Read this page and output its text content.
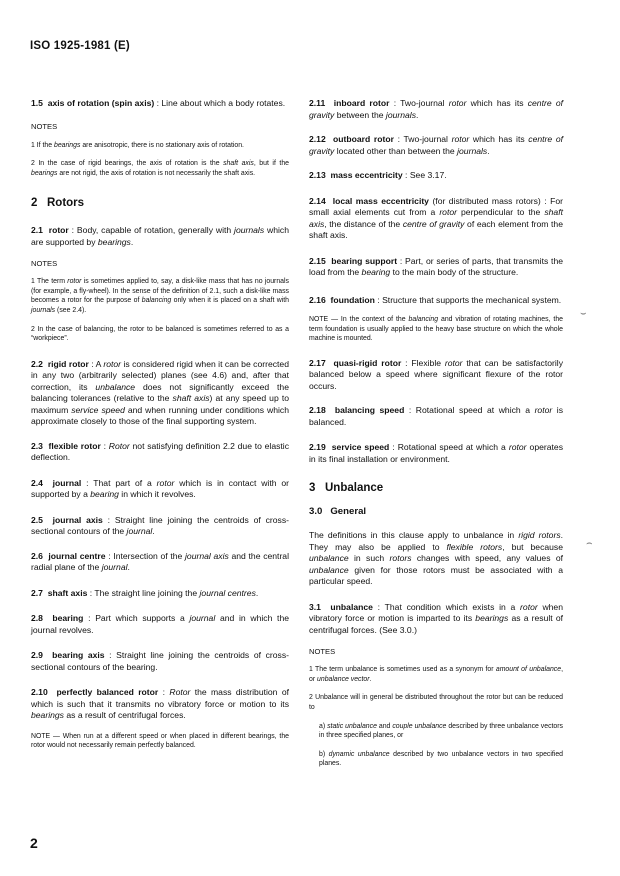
ISO 1925-1981 (E)

1.5 axis of rotation (spin axis) : Line about which a body rotates.

NOTES

1 If the bearings are anisotropic, there is no stationary axis of rotation.

2 In the case of rigid bearings, the axis of rotation is the shaft axis, but if the bearings are not rigid, the axis of rotation is not necessarily the shaft axis.

2 Rotors

2.1 rotor : Body, capable of rotation, generally with journals which are supported by bearings.

NOTES

1 The term rotor is sometimes applied to, say, a disk-like mass that has no journals (for example, a fly-wheel). In the sense of the definition of 2.1, such a disk-like mass becomes a rotor for the purpose of balancing only when it is placed on a shaft with journals (see 2.4).

2 In the case of balancing, the rotor to be balanced is sometimes referred to as a “workpiece”.

2.2 rigid rotor : A rotor is considered rigid when it can be corrected in any two (arbitrarily selected) planes (see 4.6) and, after that correction, its unbalance does not significantly exceed the balancing tolerances (relative to the shaft axis) at any speed up to maximum service speed and when running under conditions which approximate closely to those of the final supporting system.

2.3 flexible rotor : Rotor not satisfying definition 2.2 due to elastic deflection.

2.4 journal : That part of a rotor which is in contact with or supported by a bearing in which it revolves.

2.5 journal axis : Straight line joining the centroids of cross-sectional contours of the journal.

2.6 journal centre : Intersection of the journal axis and the central radial plane of the journal.

2.7 shaft axis : The straight line joining the journal centres.

2.8 bearing : Part which supports a journal and in which the journal revolves.

2.9 bearing axis : Straight line joining the centroids of cross-sectional contours of the bearing.

2.10 perfectly balanced rotor : Rotor the mass distribution of which is such that it transmits no vibratory force or motion to its bearings as a result of centrifugal forces.

NOTE — When run at a different speed or when placed in different bearings, the rotor would not necessarily remain perfectly balanced.

2.11 inboard rotor : Two-journal rotor which has its centre of gravity between the journals.

2.12 outboard rotor : Two-journal rotor which has its centre of gravity located other than between the journals.

2.13 mass eccentricity : See 3.17.

2.14 local mass eccentricity (for distributed mass rotors) : For small axial elements cut from a rotor perpendicular to the shaft axis, the distance of the centre of gravity of each element from the shaft axis.

2.15 bearing support : Part, or series of parts, that transmits the load from the bearing to the main body of the structure.

2.16 foundation : Structure that supports the mechanical system.

NOTE — In the context of the balancing and vibration of rotating machines, the term foundation is usually applied to the heavy base structure on which the whole machine is mounted.

2.17 quasi-rigid rotor : Flexible rotor that can be satisfactorily balanced below a speed where significant flexure of the rotor occurs.

2.18 balancing speed : Rotational speed at which a rotor is balanced.

2.19 service speed : Rotational speed at which a rotor operates in its final installation or environment.

3 Unbalance

3.0 General

The definitions in this clause apply to unbalance in rigid rotors. They may also be applied to flexible rotors, but because unbalance in such rotors changes with speed, any values of unbalance given for those rotors must be associated with a particular speed.

3.1 unbalance : That condition which exists in a rotor when vibratory force or motion is imparted to its bearings as a result of centrifugal forces. (See 3.0.)

NOTES

1 The term unbalance is sometimes used as a synonym for amount of unbalance, or unbalance vector.

2 Unbalance will in general be distributed throughout the rotor but can be reduced to

a) static unbalance and couple unbalance described by three unbalance vectors in three specified planes, or

b) dynamic unbalance described by two unbalance vectors in two specified planes.

⌣
⌢
2
